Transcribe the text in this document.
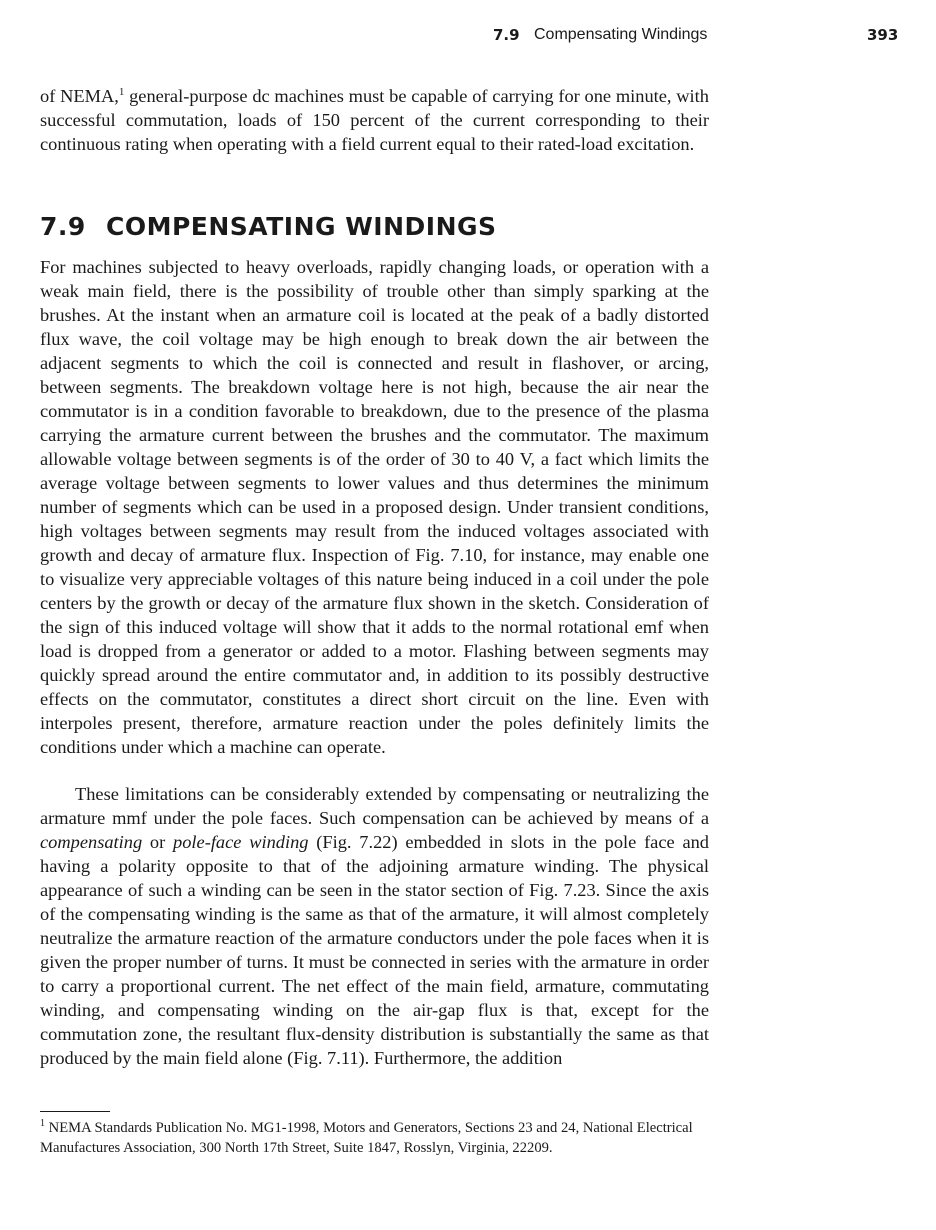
7.9 Compensating Windings	393

of NEMA,$^1$ general-purpose dc machines must be capable of carrying for one minute, with successful commutation, loads of 150 percent of the current corresponding to their continuous rating when operating with a field current equal to their rated-load excitation.

7.9 COMPENSATING WINDINGS

For machines subjected to heavy overloads, rapidly changing loads, or operation with a weak main field, there is the possibility of trouble other than simply sparking at the brushes. At the instant when an armature coil is located at the peak of a badly distorted flux wave, the coil voltage may be high enough to break down the air between the adjacent segments to which the coil is connected and result in flashover, or arcing, between segments. The breakdown voltage here is not high, because the air near the commutator is in a condition favorable to breakdown, due to the presence of the plasma carrying the armature current between the brushes and the commutator. The maximum allowable voltage between segments is of the order of 30 to 40 V, a fact which limits the average voltage between segments to lower values and thus determines the minimum number of segments which can be used in a proposed design. Under transient conditions, high voltages between segments may result from the induced voltages associated with growth and decay of armature flux. Inspection of Fig. 7.10, for instance, may enable one to visualize very appreciable voltages of this nature being induced in a coil under the pole centers by the growth or decay of the armature flux shown in the sketch. Consideration of the sign of this induced voltage will show that it adds to the normal rotational emf when load is dropped from a generator or added to a motor. Flashing between segments may quickly spread around the entire commutator and, in addition to its possibly destructive effects on the commutator, constitutes a direct short circuit on the line. Even with interpoles present, therefore, armature reaction under the poles definitely limits the conditions under which a machine can operate.

These limitations can be considerably extended by compensating or neutralizing the armature mmf under the pole faces. Such compensation can be achieved by means of a compensating or pole-face winding (Fig. 7.22) embedded in slots in the pole face and having a polarity opposite to that of the adjoining armature winding. The physical appearance of such a winding can be seen in the stator section of Fig. 7.23. Since the axis of the compensating winding is the same as that of the armature, it will almost completely neutralize the armature reaction of the armature conductors under the pole faces when it is given the proper number of turns. It must be connected in series with the armature in order to carry a proportional current. The net effect of the main field, armature, commutating winding, and compensating winding on the air-gap flux is that, except for the commutation zone, the resultant flux-density distribution is substantially the same as that produced by the main field alone (Fig. 7.11). Furthermore, the addition

$^1$ NEMA Standards Publication No. MG1-1998, Motors and Generators, Sections 23 and 24, National Electrical Manufactures Association, 300 North 17th Street, Suite 1847, Rosslyn, Virginia, 22209.
